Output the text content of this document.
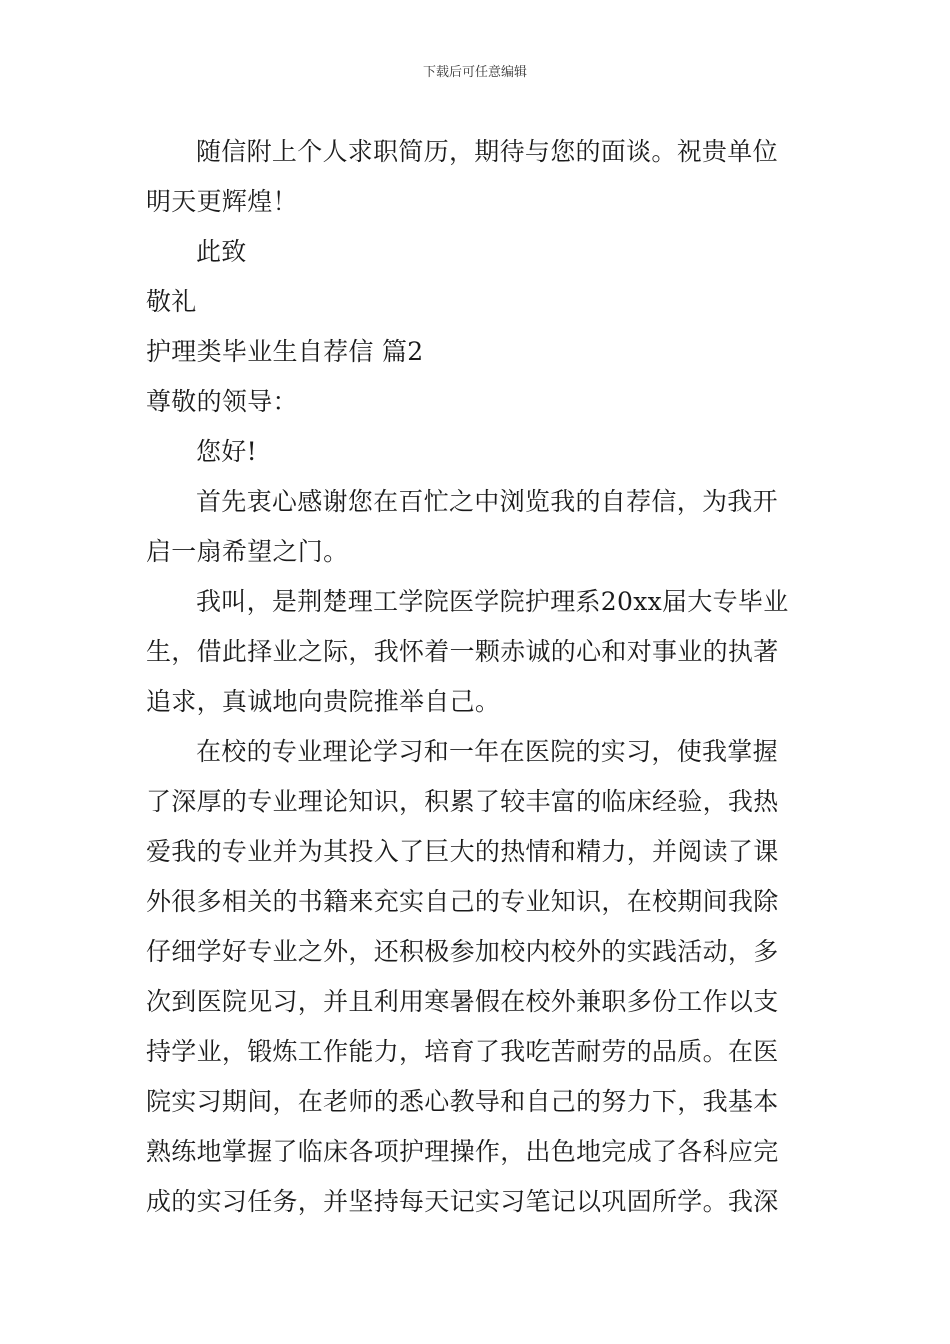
下载后可任意编辑
随信附上个人求职简历，期待与您的面谈。祝贵单位
明天更辉煌！
此致
敬礼
护理类毕业生自荐信 篇2
尊敬的领导：
您好!
首先衷心感谢您在百忙之中浏览我的自荐信，为我开
启一扇希望之门。
我叫，是荆楚理工学院医学院护理系20xx届大专毕业
生，借此择业之际，我怀着一颗赤诚的心和对事业的执著
追求，真诚地向贵院推举自己。
在校的专业理论学习和一年在医院的实习，使我掌握
了深厚的专业理论知识，积累了较丰富的临床经验，我热
爱我的专业并为其投入了巨大的热情和精力，并阅读了课
外很多相关的书籍来充实自己的专业知识，在校期间我除
仔细学好专业之外，还积极参加校内校外的实践活动，多
次到医院见习，并且利用寒暑假在校外兼职多份工作以支
持学业，锻炼工作能力，培育了我吃苦耐劳的品质。在医
院实习期间，在老师的悉心教导和自己的努力下，我基本
熟练地掌握了临床各项护理操作，出色地完成了各科应完
成的实习任务，并坚持每天记实习笔记以巩固所学。我深
